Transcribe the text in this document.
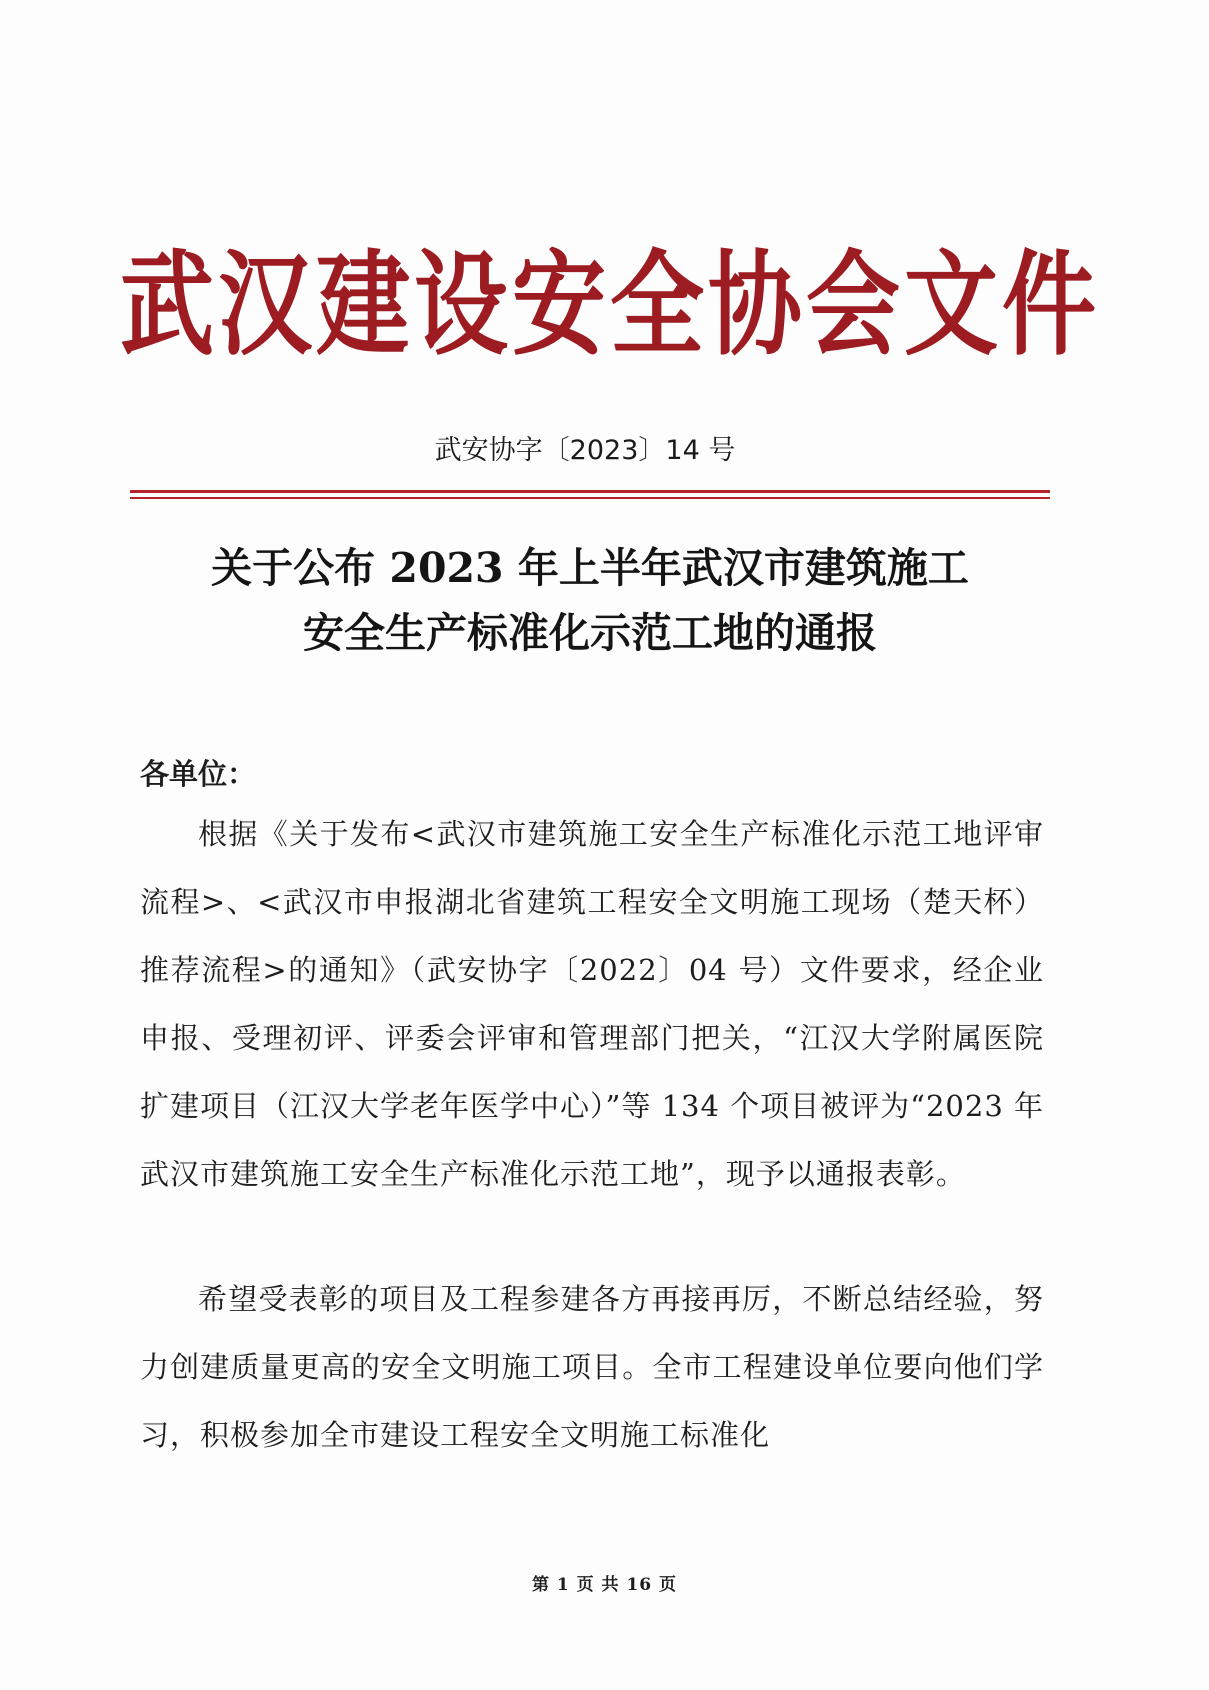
武汉建设安全协会文件
武安协字〔2023〕14 号
关于公布 2023 年上半年武汉市建筑施工
安全生产标准化示范工地的通报
各单位：

根据《关于发布<武汉市建筑施工安全生产标准化示范工地评审流程>、<武汉市申报湖北省建筑工程安全文明施工现场（楚天杯）推荐流程>的通知》（武安协字〔2022〕04 号）文件要求，经企业申报、受理初评、评委会评审和管理部门把关，“江汉大学附属医院扩建项目（江汉大学老年医学中心）”等 134 个项目被评为“2023 年武汉市建筑施工安全生产标准化示范工地”，现予以通报表彰。

希望受表彰的项目及工程参建各方再接再厉，不断总结经验，努力创建质量更高的安全文明施工项目。全市工程建设单位要向他们学习，积极参加全市建设工程安全文明施工标准化

第 1 页 共 16 页
